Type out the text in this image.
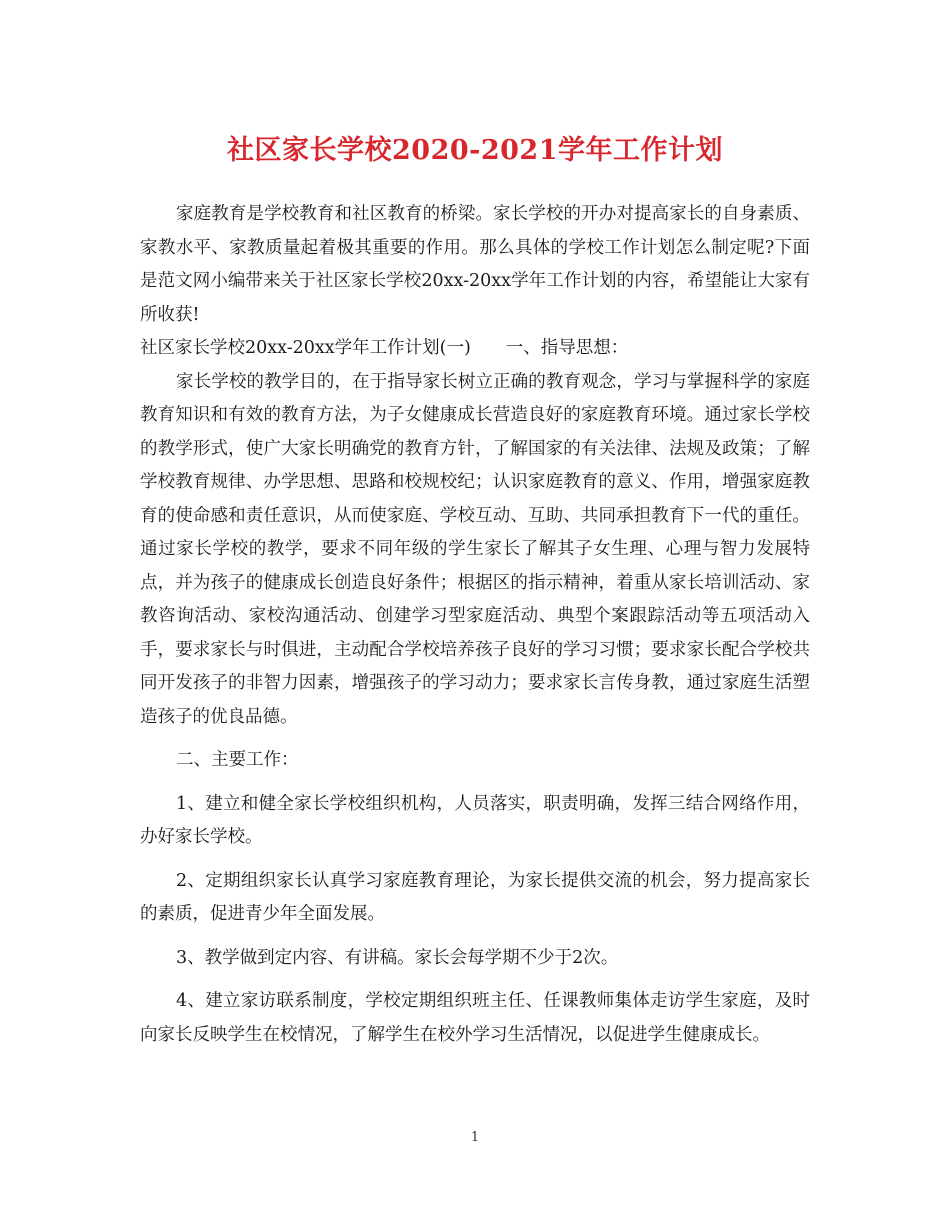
社区家长学校2020-2021学年工作计划

家庭教育是学校教育和社区教育的桥梁。家长学校的开办对提高家长的自身素质、家教水平、家教质量起着极其重要的作用。那么具体的学校工作计划怎么制定呢?下面是范文网小编带来关于社区家长学校20xx-20xx学年工作计划的内容，希望能让大家有所收获!

社区家长学校20xx-20xx学年工作计划(一)　　一、指导思想：

家长学校的教学目的，在于指导家长树立正确的教育观念，学习与掌握科学的家庭教育知识和有效的教育方法，为子女健康成长营造良好的家庭教育环境。通过家长学校的教学形式，使广大家长明确党的教育方针，了解国家的有关法律、法规及政策；了解学校教育规律、办学思想、思路和校规校纪；认识家庭教育的意义、作用，增强家庭教育的使命感和责任意识，从而使家庭、学校互动、互助、共同承担教育下一代的重任。通过家长学校的教学，要求不同年级的学生家长了解其子女生理、心理与智力发展特点，并为孩子的健康成长创造良好条件；根据区的指示精神，着重从家长培训活动、家教咨询活动、家校沟通活动、创建学习型家庭活动、典型个案跟踪活动等五项活动入手，要求家长与时俱进，主动配合学校培养孩子良好的学习习惯；要求家长配合学校共同开发孩子的非智力因素，增强孩子的学习动力；要求家长言传身教，通过家庭生活塑造孩子的优良品德。

二、主要工作：

1、建立和健全家长学校组织机构，人员落实，职责明确，发挥三结合网络作用，办好家长学校。

2、定期组织家长认真学习家庭教育理论，为家长提供交流的机会，努力提高家长的素质，促进青少年全面发展。

3、教学做到定内容、有讲稿。家长会每学期不少于2次。

4、建立家访联系制度，学校定期组织班主任、任课教师集体走访学生家庭，及时向家长反映学生在校情况，了解学生在校外学习生活情况，以促进学生健康成长。

1
